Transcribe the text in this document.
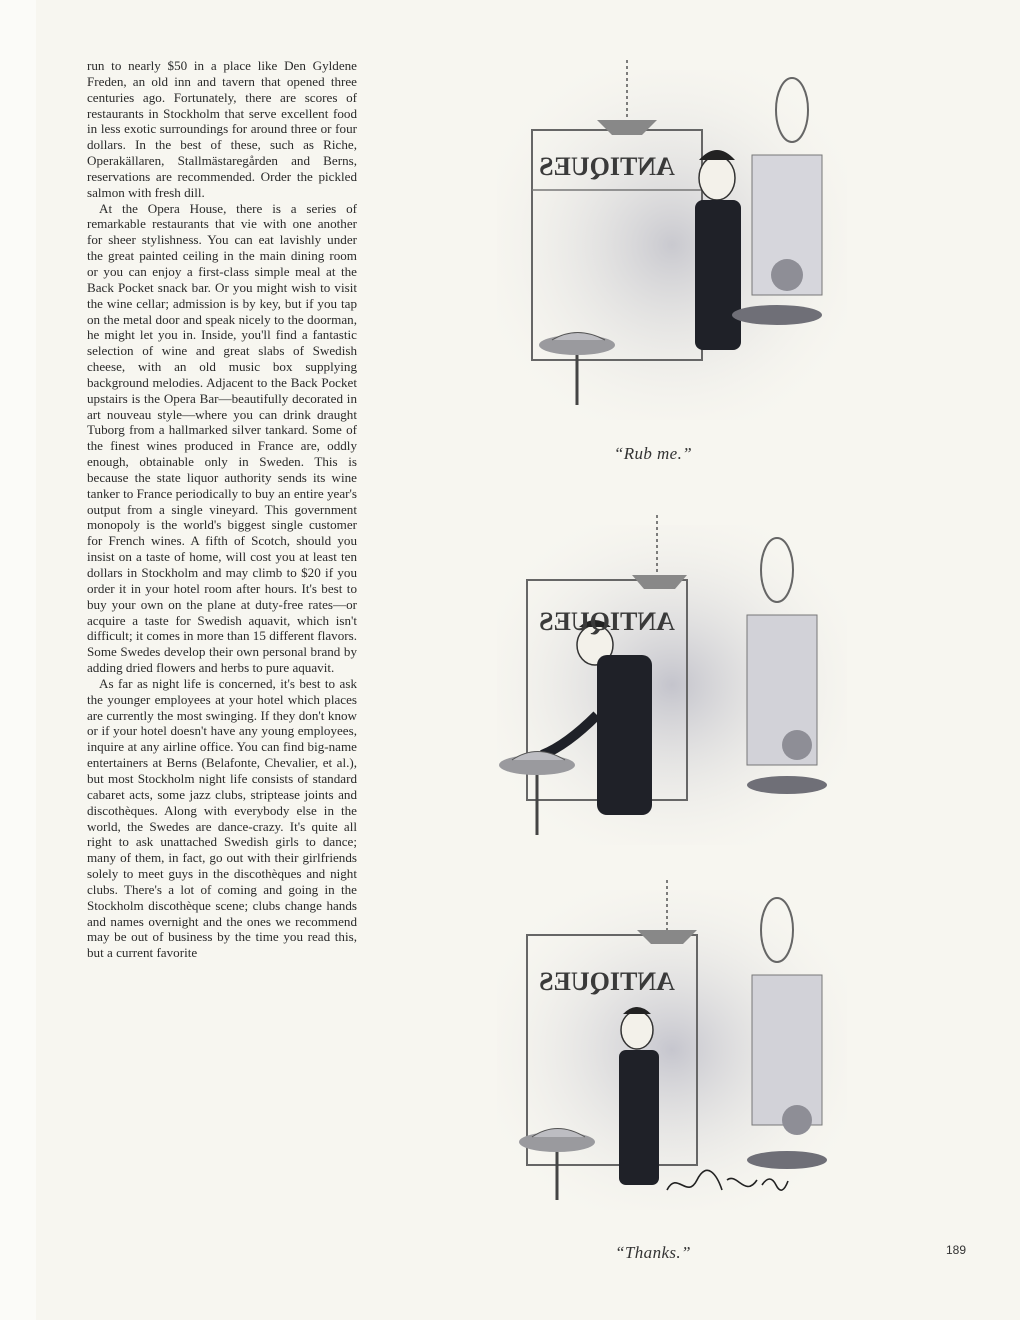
run to nearly $50 in a place like Den Gyldene Freden, an old inn and tavern that opened three centuries ago. Fortunately, there are scores of restaurants in Stockholm that serve excellent food in less exotic surroundings for around three or four dollars. In the best of these, such as Riche, Operakällaren, Stallmästaregården and Berns, reservations are recommended. Order the pickled salmon with fresh dill.

At the Opera House, there is a series of remarkable restaurants that vie with one another for sheer stylishness. You can eat lavishly under the great painted ceiling in the main dining room or you can enjoy a first-class simple meal at the Back Pocket snack bar. Or you might wish to visit the wine cellar; admission is by key, but if you tap on the metal door and speak nicely to the doorman, he might let you in. Inside, you'll find a fantastic selection of wine and great slabs of Swedish cheese, with an old music box supplying background melodies. Adjacent to the Back Pocket upstairs is the Opera Bar—beautifully decorated in art nouveau style—where you can drink draught Tuborg from a hallmarked silver tankard. Some of the finest wines produced in France are, oddly enough, obtainable only in Sweden. This is because the state liquor authority sends its wine tanker to France periodically to buy an entire year's output from a single vineyard. This government monopoly is the world's biggest single customer for French wines. A fifth of Scotch, should you insist on a taste of home, will cost you at least ten dollars in Stockholm and may climb to $20 if you order it in your hotel room after hours. It's best to buy your own on the plane at duty-free rates—or acquire a taste for Swedish aquavit, which isn't difficult; it comes in more than 15 different flavors. Some Swedes develop their own personal brand by adding dried flowers and herbs to pure aquavit.

As far as night life is concerned, it's best to ask the younger employees at your hotel which places are currently the most swinging. If they don't know or if your hotel doesn't have any young employees, inquire at any airline office. You can find big-name entertainers at Berns (Belafonte, Chevalier, et al.), but most Stockholm night life consists of standard cabaret acts, some jazz clubs, striptease joints and discothèques. Along with everybody else in the world, the Swedes are dance-crazy. It's quite all right to ask unattached Swedish girls to dance; many of them, in fact, go out with their girlfriends solely to meet guys in the discothèques and night clubs. There's a lot of coming and going in the Stockholm discothèque scene; clubs change hands and names overnight and the ones we recommend may be out of business by the time you read this, but a current favorite

ANTIQUES
“Rub me.”
ANTIQUES
ANTIQUES
“Thanks.”	189
